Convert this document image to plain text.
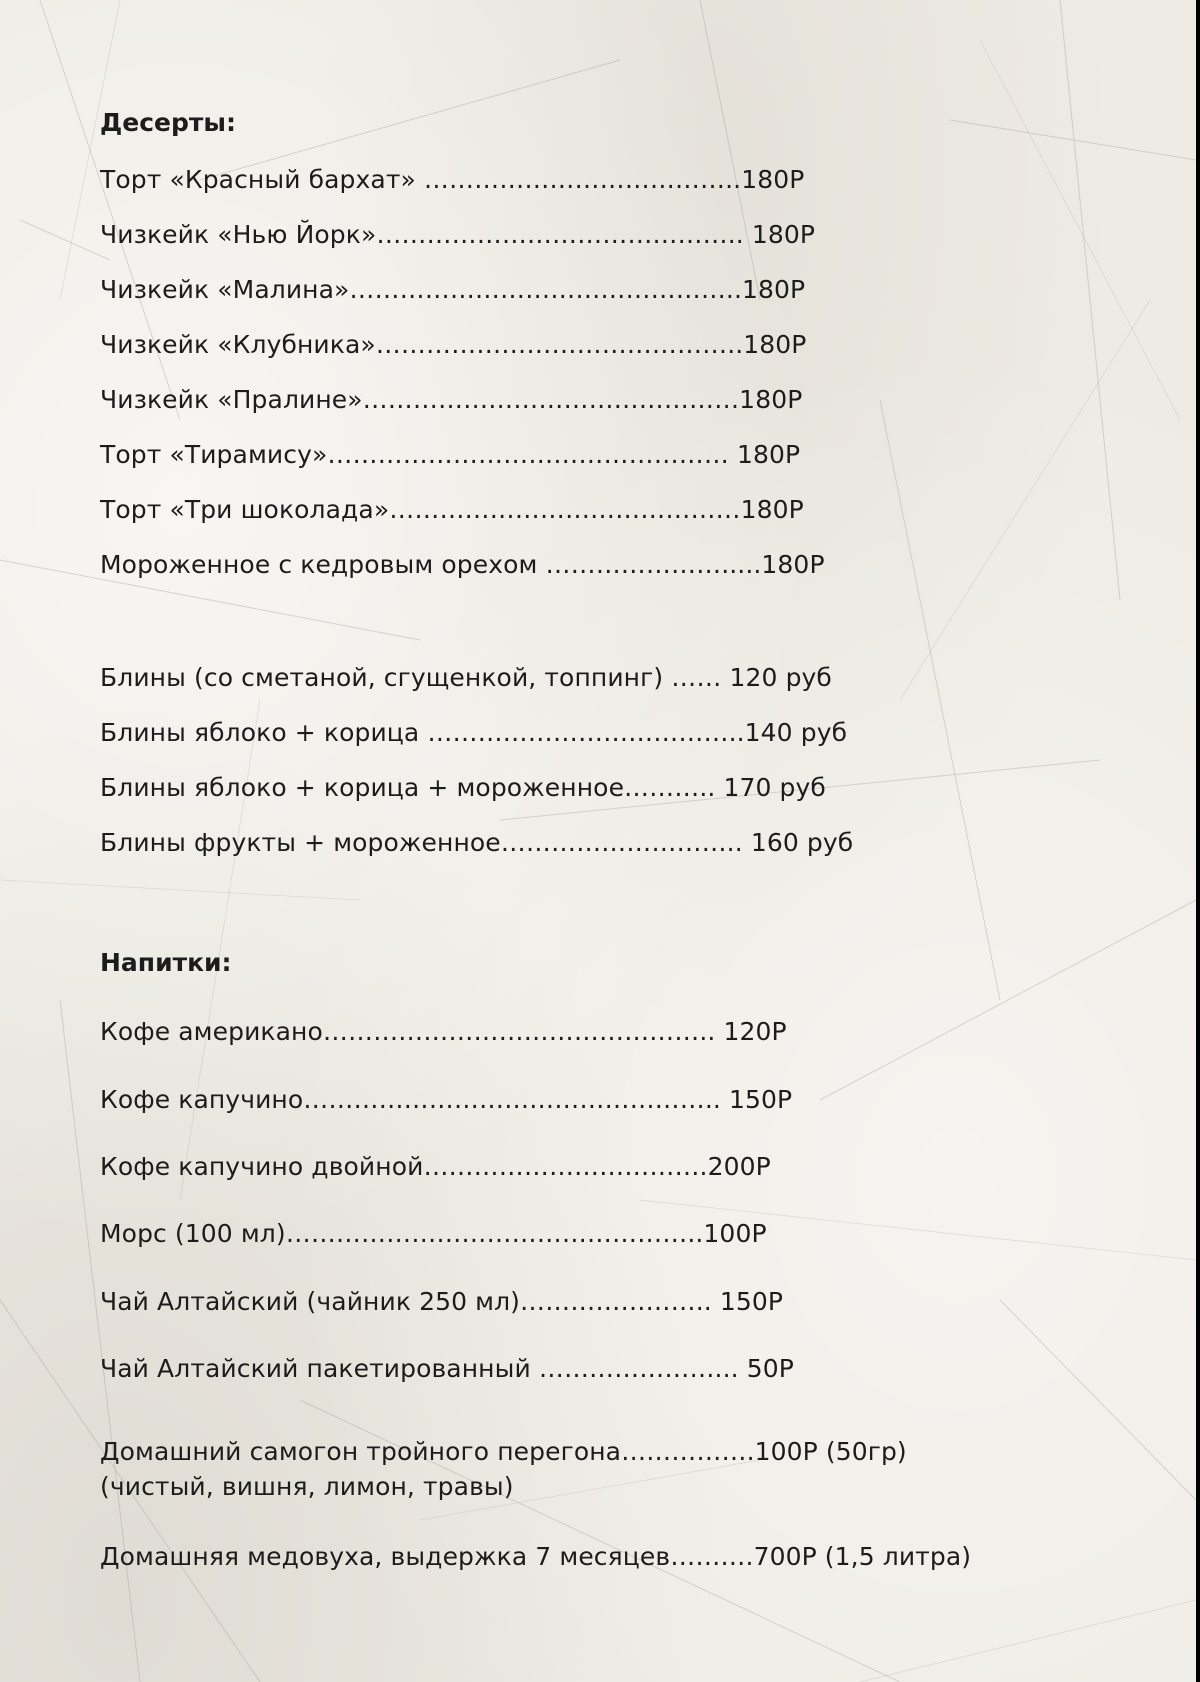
Десерты:
Торт «Красный бархат» ………………………………..180Р
Чизкейк «Нью Йорк»…………………………………….. 180Р
Чизкейк «Малина»………………………………………..180Р
Чизкейк «Клубника»……………………………………..180Р
Чизкейк «Пралине»………………………………………180Р
Торт «Тирамису»………………………………………… 180Р
Торт «Три шоколада»……………………………………180Р
Мороженное с кедровым орехом ………………….....180Р
Блины (со сметаной, сгущенкой, топпинг) …… 120 руб
Блины яблоко + корица ………………………………..140 руб
Блины яблоко + корица + мороженное……….. 170 руб
Блины фрукты + мороженное……………………….. 160 руб
Напитки:
Кофе американо……………………………………….. 120Р
Кофе капучино………………………………………….. 150Р
Кофе капучино двойной…………………………….200Р
Морс (100 мл)…………………………………………..100Р
Чай Алтайский (чайник 250 мл)………………….. 150Р
Чай Алтайский пакетированный …………………... 50Р
Домашний самогон тройного перегона…………….100Р (50гр)
(чистый, вишня, лимон, травы)
Домашняя медовуха, выдержка 7 месяцев……….700Р (1,5 литра)
